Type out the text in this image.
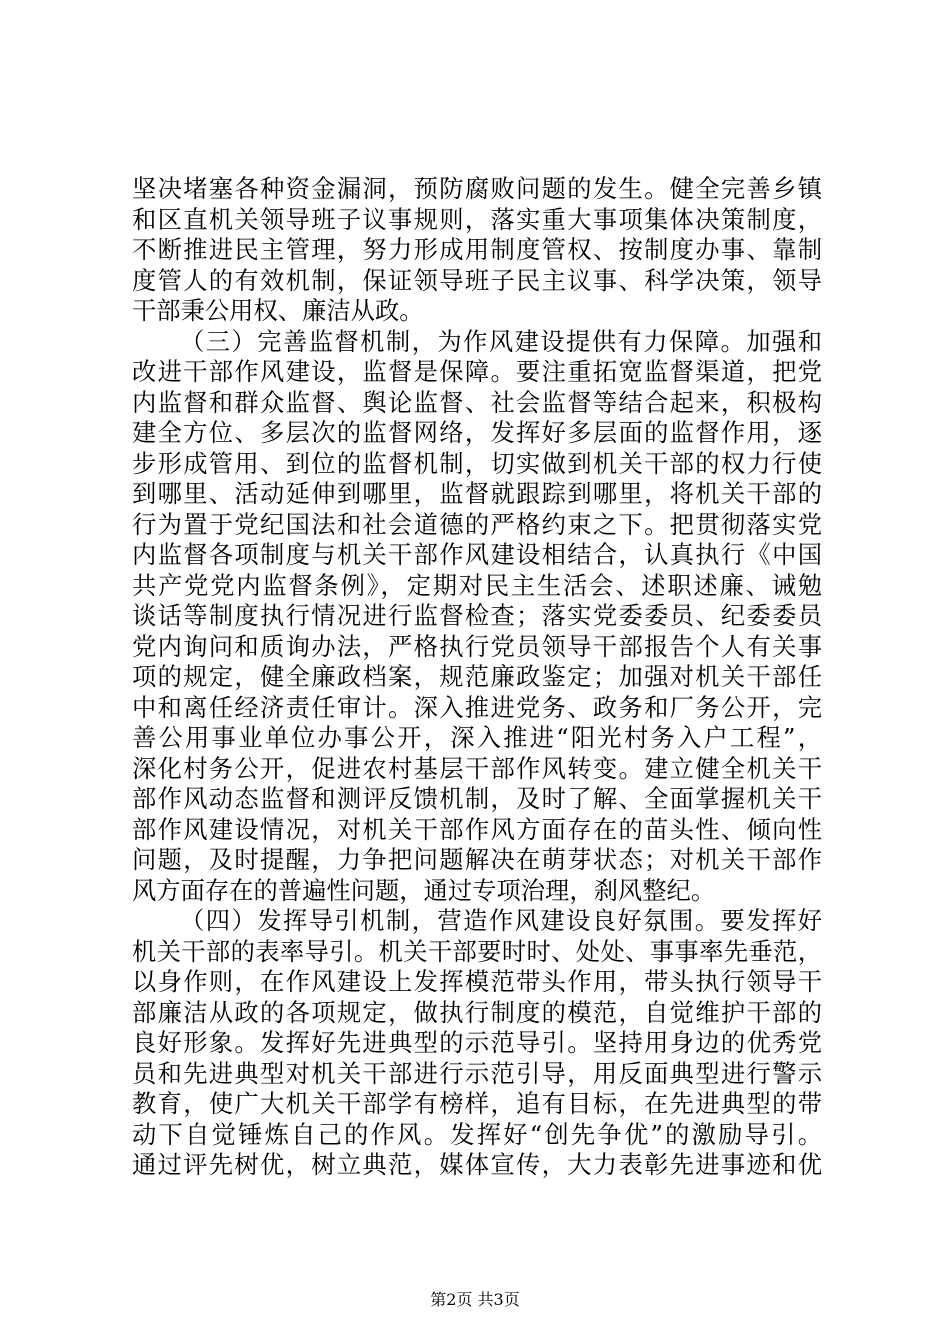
坚决堵塞各种资金漏洞，预防腐败问题的发生。健全完善乡镇
和区直机关领导班子议事规则，落实重大事项集体决策制度，
不断推进民主管理，努力形成用制度管权、按制度办事、靠制
度管人的有效机制，保证领导班子民主议事、科学决策，领导
干部秉公用权、廉洁从政。
（三）完善监督机制，为作风建设提供有力保障。加强和
改进干部作风建设，监督是保障。要注重拓宽监督渠道，把党
内监督和群众监督、舆论监督、社会监督等结合起来，积极构
建全方位、多层次的监督网络，发挥好多层面的监督作用，逐
步形成管用、到位的监督机制，切实做到机关干部的权力行使
到哪里、活动延伸到哪里，监督就跟踪到哪里，将机关干部的
行为置于党纪国法和社会道德的严格约束之下。把贯彻落实党
内监督各项制度与机关干部作风建设相结合，认真执行《中国
共产党党内监督条例》，定期对民主生活会、述职述廉、诫勉
谈话等制度执行情况进行监督检查；落实党委委员、纪委委员
党内询问和质询办法，严格执行党员领导干部报告个人有关事
项的规定，健全廉政档案，规范廉政鉴定；加强对机关干部任
中和离任经济责任审计。深入推进党务、政务和厂务公开，完
善公用事业单位办事公开，深入推进“阳光村务入户工程”，
深化村务公开，促进农村基层干部作风转变。建立健全机关干
部作风动态监督和测评反馈机制，及时了解、全面掌握机关干
部作风建设情况，对机关干部作风方面存在的苗头性、倾向性
问题，及时提醒，力争把问题解决在萌芽状态；对机关干部作
风方面存在的普遍性问题，通过专项治理，刹风整纪。
（四）发挥导引机制，营造作风建设良好氛围。要发挥好
机关干部的表率导引。机关干部要时时、处处、事事率先垂范，
以身作则，在作风建设上发挥模范带头作用，带头执行领导干
部廉洁从政的各项规定，做执行制度的模范，自觉维护干部的
良好形象。发挥好先进典型的示范导引。坚持用身边的优秀党
员和先进典型对机关干部进行示范引导，用反面典型进行警示
教育，使广大机关干部学有榜样，追有目标，在先进典型的带
动下自觉锤炼自己的作风。发挥好“创先争优”的激励导引。
通过评先树优，树立典范，媒体宣传，大力表彰先进事迹和优
第2页 共3页
